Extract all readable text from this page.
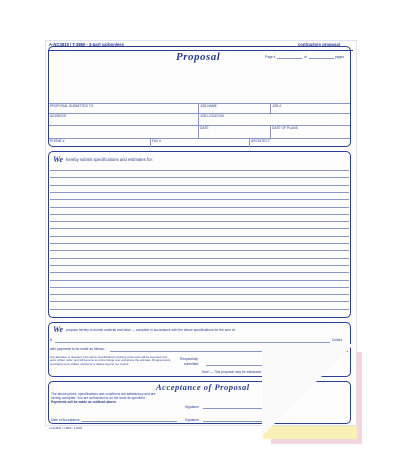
A-NC3819 / T-3850 - 3-part carbonless	contractors proposal
Proposal	Page #	of	pages
PROPOSAL SUBMITTED TO	JOB NAME	JOB #
ADDRESS	JOB LOCATION
DATE	DATE OF PLANS
PHONE #	FAX #	ARCHITECT
We hereby submit specifications and estimates for:
We propose hereby to furnish material and labor — complete in accordance with the above specifications for the sum of:
$	Dollars
with payments to be made as follows:
Any alteration or deviation from above specifications involving extra costs will be executed only upon written order, and will become an extra charge over and above the estimate. All agreements contingent upon strikes, accidents or delays beyond our control.
Respectfully
submitted
Note — This proposal may be withdrawn
Acceptance of Proposal
The above prices, specifications and conditions are satisfactory and are
hereby accepted. You are authorized to do the work as specified.
Payments will be made as outlined above.
Signature
Date of Acceptance	Signature
A-NC3819 / T-3850 - 3 PART
